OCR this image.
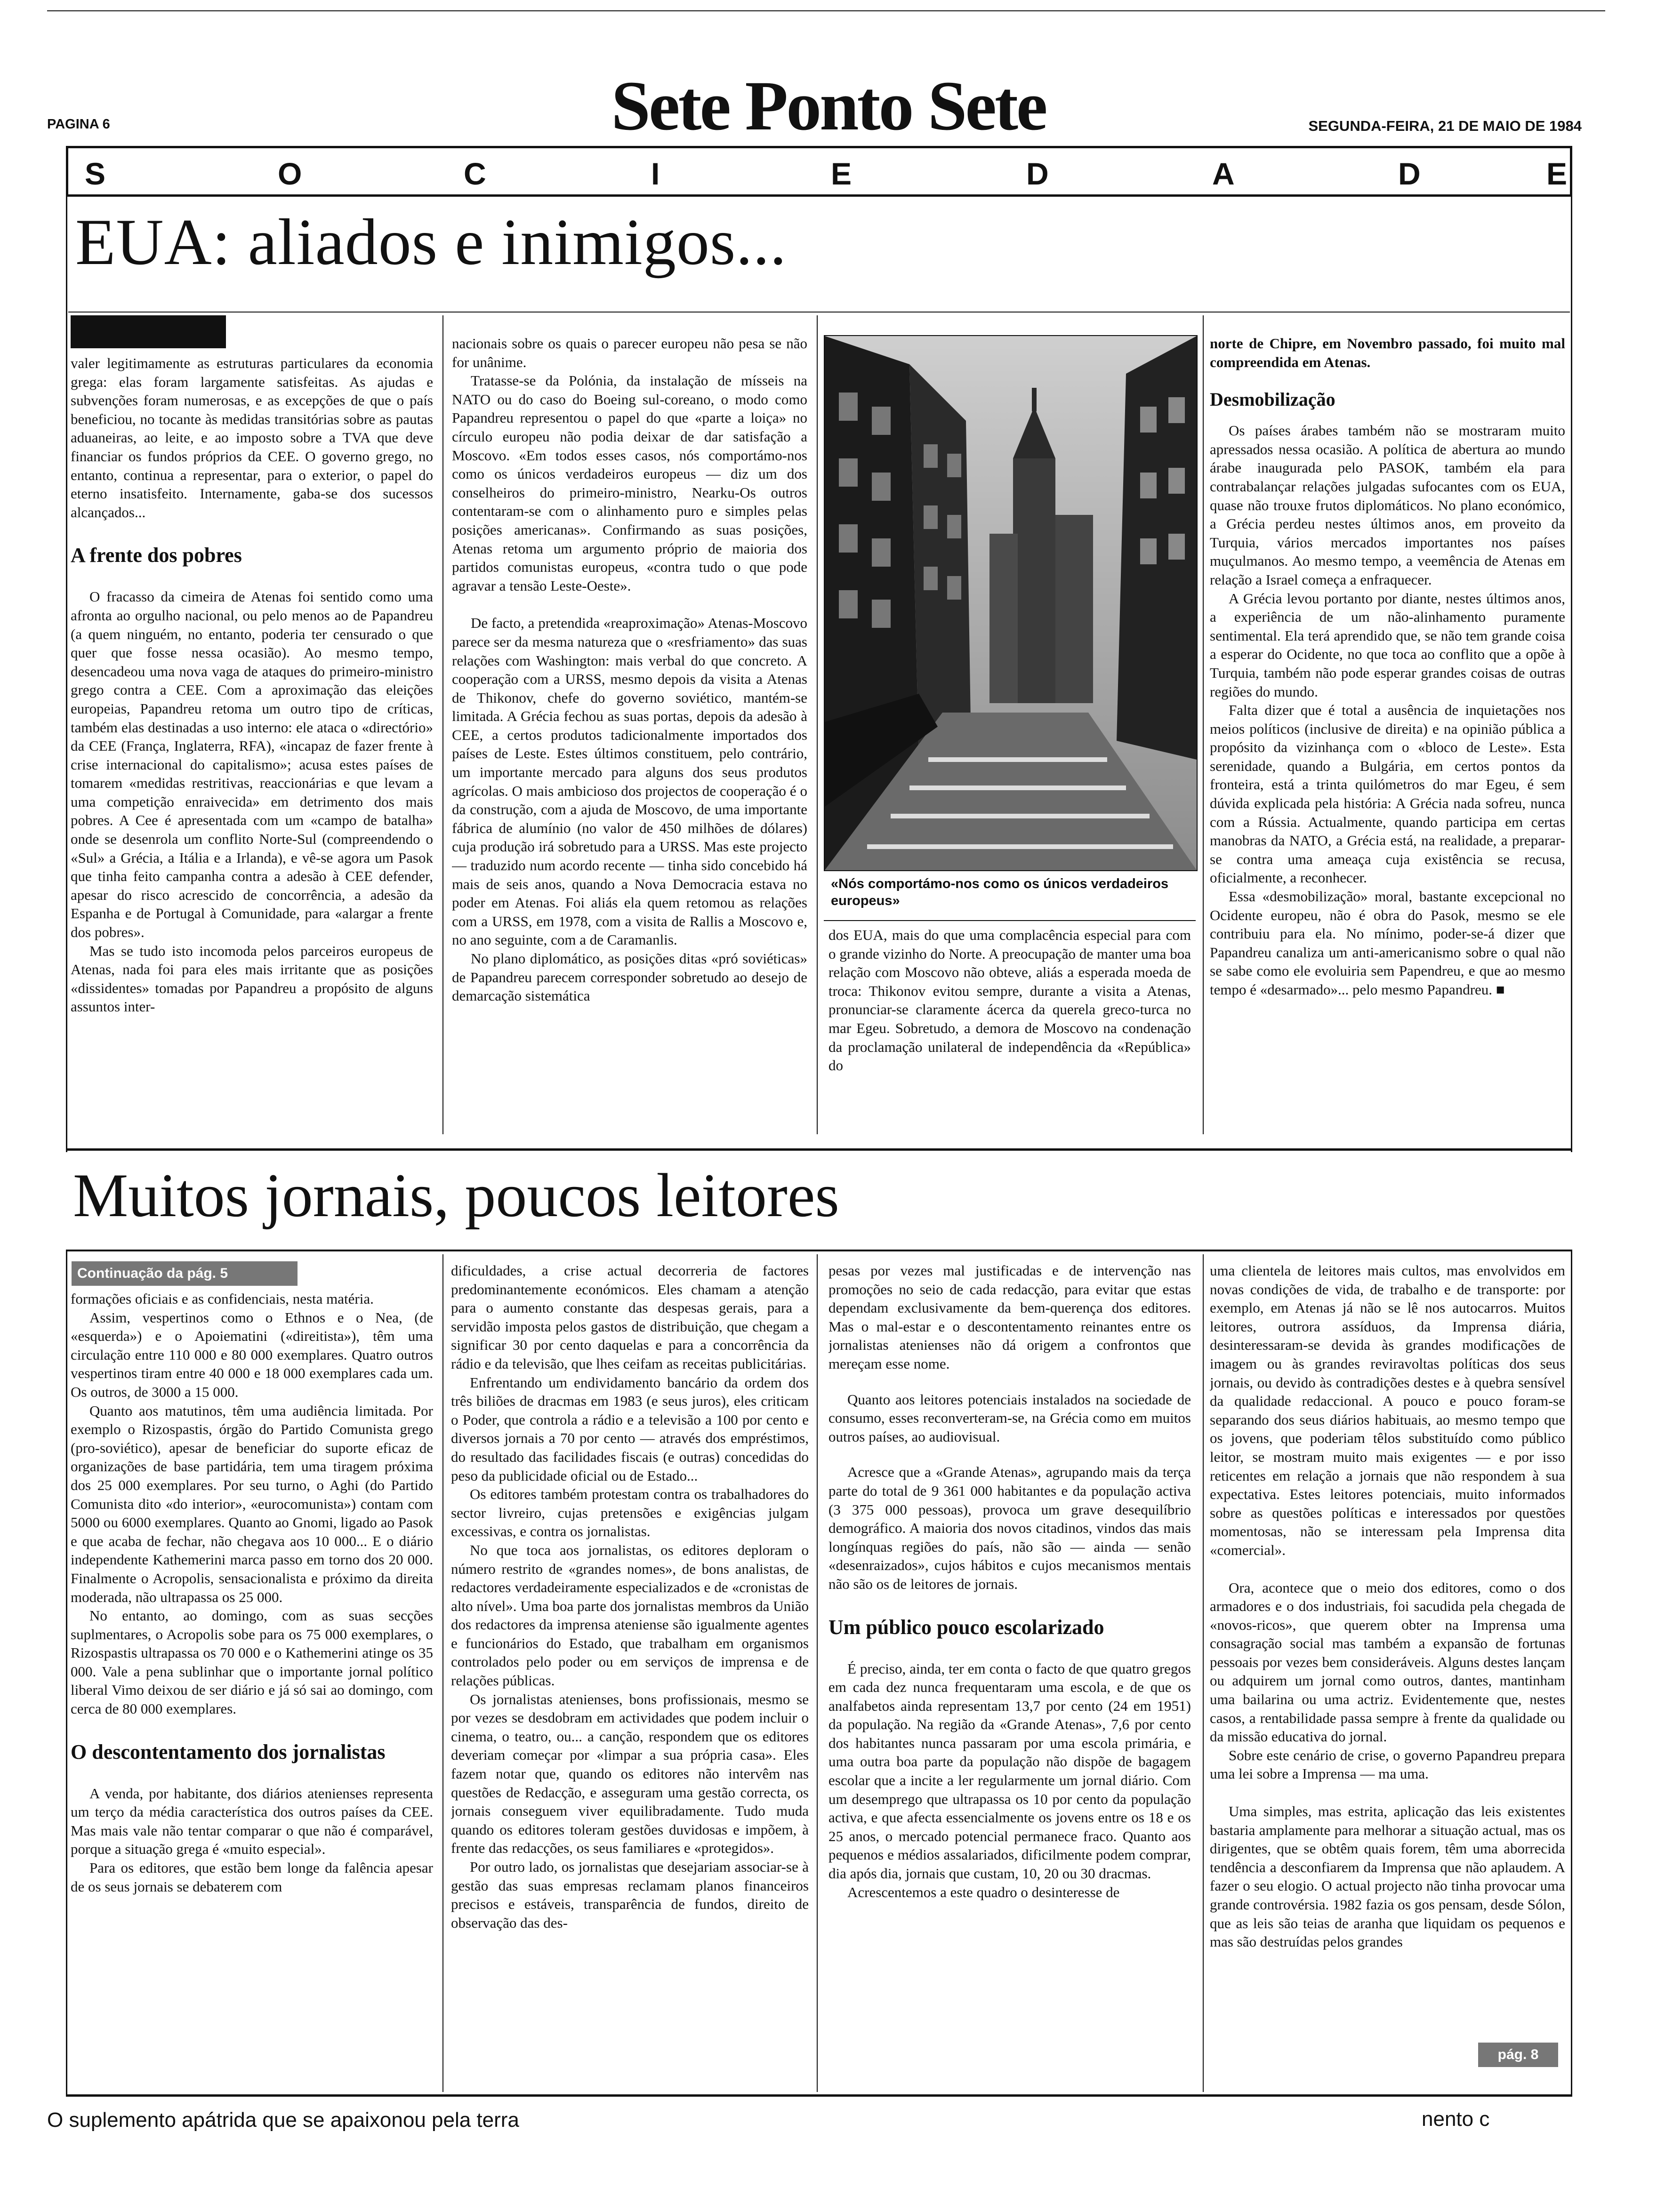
PAGINA 6	Sete Ponto Sete	SEGUNDA-FEIRA, 21 DE MAIO DE 1984
S	O	C	I	E	D	A	D	E
EUA: aliados e inimigos...

valer legitimamente as estruturas particulares da economia grega: elas foram largamente satisfeitas. As ajudas e subvenções foram numerosas, e as excepções de que o país beneficiou, no tocante às medidas transitórias sobre as pautas aduaneiras, ao leite, e ao imposto sobre a TVA que deve financiar os fundos próprios da CEE. O governo grego, no entanto, continua a representar, para o exterior, o papel do eterno insatisfeito. Internamente, gaba-se dos sucessos alcançados...

A frente dos pobres

O fracasso da cimeira de Atenas foi sentido como uma afronta ao orgulho nacional, ou pelo menos ao de Papandreu (a quem ninguém, no entanto, poderia ter censurado o que quer que fosse nessa ocasião). Ao mesmo tempo, desencadeou uma nova vaga de ataques do primeiro-ministro grego contra a CEE. Com a aproximação das eleições europeias, Papandreu retoma um outro tipo de críticas, também elas destinadas a uso interno: ele ataca o «directório» da CEE (França, Inglaterra, RFA), «incapaz de fazer frente à crise internacional do capitalismo»; acusa estes países de tomarem «medidas restritivas, reaccionárias e que levam a uma competição enraivecida» em detrimento dos mais pobres. A Cee é apresentada com um «campo de batalha» onde se desenrola um conflito Norte-Sul (compreendendo o «Sul» a Grécia, a Itália e a Irlanda), e vê-se agora um Pasok que tinha feito campanha contra a adesão à CEE defender, apesar do risco acrescido de concorrência, a adesão da Espanha e de Portugal à Comunidade, para «alargar a frente dos pobres».

Mas se tudo isto incomoda pelos parceiros europeus de Atenas, nada foi para eles mais irritante que as posições «dissidentes» tomadas por Papandreu a propósito de alguns assuntos inter-

nacionais sobre os quais o parecer europeu não pesa se não for unânime.

Tratasse-se da Polónia, da instalação de mísseis na NATO ou do caso do Boeing sul-coreano, o modo como Papandreu representou o papel do que «parte a loiça» no círculo europeu não podia deixar de dar satisfação a Moscovo. «Em todos esses casos, nós comportámo-nos como os únicos verdadeiros europeus — diz um dos conselheiros do primeiro-ministro, Nearku-Os outros contentaram-se com o alinhamento puro e simples pelas posições americanas». Confirmando as suas posições, Atenas retoma um argumento próprio de maioria dos partidos comunistas europeus, «contra tudo o que pode agravar a tensão Leste-Oeste».

De facto, a pretendida «reaproximação» Atenas-Moscovo parece ser da mesma natureza que o «resfriamento» das suas relações com Washington: mais verbal do que concreto. A cooperação com a URSS, mesmo depois da visita a Atenas de Thikonov, chefe do governo soviético, mantém-se limitada. A Grécia fechou as suas portas, depois da adesão à CEE, a certos produtos tadicionalmente importados dos países de Leste. Estes últimos constituem, pelo contrário, um importante mercado para alguns dos seus produtos agrícolas. O mais ambicioso dos projectos de cooperação é o da construção, com a ajuda de Moscovo, de uma importante fábrica de alumínio (no valor de 450 milhões de dólares) cuja produção irá sobretudo para a URSS. Mas este projecto — traduzido num acordo recente — tinha sido concebido há mais de seis anos, quando a Nova Democracia estava no poder em Atenas. Foi aliás ela quem retomou as relações com a URSS, em 1978, com a visita de Rallis a Moscovo e, no ano seguinte, com a de Caramanlis.

No plano diplomático, as posições ditas «pró soviéticas» de Papandreu parecem corresponder sobretudo ao desejo de demarcação sistemática

«Nós comportámo-nos como os únicos verdadeiros europeus»

dos EUA, mais do que uma complacência especial para com o grande vizinho do Norte. A preocupação de manter uma boa relação com Moscovo não obteve, aliás a esperada moeda de troca: Thikonov evitou sempre, durante a visita a Atenas, pronunciar-se claramente ácerca da querela greco-turca no mar Egeu. Sobretudo, a demora de Moscovo na condenação da proclamação unilateral de independência da «República» do

norte de Chipre, em Novembro passado, foi muito mal compreendida em Atenas.

Desmobilização

Os países árabes também não se mostraram muito apressados nessa ocasião. A política de abertura ao mundo árabe inaugurada pelo PASOK, também ela para contrabalançar relações julgadas sufocantes com os EUA, quase não trouxe frutos diplomáticos. No plano económico, a Grécia perdeu nestes últimos anos, em proveito da Turquia, vários mercados importantes nos países muçulmanos. Ao mesmo tempo, a veemência de Atenas em relação a Israel começa a enfraquecer.

A Grécia levou portanto por diante, nestes últimos anos, a experiência de um não-alinhamento puramente sentimental. Ela terá aprendido que, se não tem grande coisa a esperar do Ocidente, no que toca ao conflito que a opõe à Turquia, também não pode esperar grandes coisas de outras regiões do mundo.

Falta dizer que é total a ausência de inquietações nos meios políticos (inclusive de direita) e na opinião pública a propósito da vizinhança com o «bloco de Leste». Esta serenidade, quando a Bulgária, em certos pontos da fronteira, está a trinta quilómetros do mar Egeu, é sem dúvida explicada pela história: A Grécia nada sofreu, nunca com a Rússia. Actualmente, quando participa em certas manobras da NATO, a Grécia está, na realidade, a preparar-se contra uma ameaça cuja existência se recusa, oficialmente, a reconhecer.

Essa «desmobilização» moral, bastante excepcional no Ocidente europeu, não é obra do Pasok, mesmo se ele contribuiu para ela. No mínimo, poder-se-á dizer que Papandreu canaliza um anti-americanismo sobre o qual não se sabe como ele evoluiria sem Papendreu, e que ao mesmo tempo é «desarmado»... pelo mesmo Papandreu. ■

Muitos jornais, poucos leitores
Continuação da pág. 5

formações oficiais e as confidenciais, nesta matéria.

Assim, vespertinos como o Ethnos e o Nea, (de «esquerda») e o Apoiematini («direitista»), têm uma circulação entre 110 000 e 80 000 exemplares. Quatro outros vespertinos tiram entre 40 000 e 18 000 exemplares cada um. Os outros, de 3000 a 15 000.

Quanto aos matutinos, têm uma audiência limitada. Por exemplo o Rizospastis, órgão do Partido Comunista grego (pro-soviético), apesar de beneficiar do suporte eficaz de organizações de base partidária, tem uma tiragem próxima dos 25 000 exemplares. Por seu turno, o Aghi (do Partido Comunista dito «do interior», «eurocomunista») contam com 5000 ou 6000 exemplares. Quanto ao Gnomi, ligado ao Pasok e que acaba de fechar, não chegava aos 10 000... E o diário independente Kathemerini marca passo em torno dos 20 000. Finalmente o Acropolis, sensacionalista e próximo da direita moderada, não ultrapassa os 25 000.

No entanto, ao domingo, com as suas secções suplmentares, o Acropolis sobe para os 75 000 exemplares, o Rizospastis ultrapassa os 70 000 e o Kathemerini atinge os 35 000. Vale a pena sublinhar que o importante jornal político liberal Vimo deixou de ser diário e já só sai ao domingo, com cerca de 80 000 exemplares.

O descontentamento dos jornalistas

A venda, por habitante, dos diários atenienses representa um terço da média característica dos outros países da CEE. Mas mais vale não tentar comparar o que não é comparável, porque a situação grega é «muito especial».

Para os editores, que estão bem longe da falência apesar de os seus jornais se debaterem com

dificuldades, a crise actual decorreria de factores predominantemente económicos. Eles chamam a atenção para o aumento constante das despesas gerais, para a servidão imposta pelos gastos de distribuição, que chegam a significar 30 por cento daquelas e para a concorrência da rádio e da televisão, que lhes ceifam as receitas publicitárias.

Enfrentando um endividamento bancário da ordem dos três biliões de dracmas em 1983 (e seus juros), eles criticam o Poder, que controla a rádio e a televisão a 100 por cento e diversos jornais a 70 por cento — através dos empréstimos, do resultado das facilidades fiscais (e outras) concedidas do peso da publicidade oficial ou de Estado...

Os editores também protestam contra os trabalhadores do sector livreiro, cujas pretensões e exigências julgam excessivas, e contra os jornalistas.

No que toca aos jornalistas, os editores deploram o número restrito de «grandes nomes», de bons analistas, de redactores verdadeiramente especializados e de «cronistas de alto nível». Uma boa parte dos jornalistas membros da União dos redactores da imprensa ateniense são igualmente agentes e funcionários do Estado, que trabalham em organismos controlados pelo poder ou em serviços de imprensa e de relações públicas.

Os jornalistas atenienses, bons profissionais, mesmo se por vezes se desdobram em actividades que podem incluir o cinema, o teatro, ou... a canção, respondem que os editores deveriam começar por «limpar a sua própria casa». Eles fazem notar que, quando os editores não intervêm nas questões de Redacção, e asseguram uma gestão correcta, os jornais conseguem viver equilibradamente. Tudo muda quando os editores toleram gestões duvidosas e impõem, à frente das redacções, os seus familiares e «protegidos».

Por outro lado, os jornalistas que desejariam associar-se à gestão das suas empresas reclamam planos financeiros precisos e estáveis, transparência de fundos, direito de observação das des-

pesas por vezes mal justificadas e de intervenção nas promoções no seio de cada redacção, para evitar que estas dependam exclusivamente da bem-querença dos editores. Mas o mal-estar e o descontentamento reinantes entre os jornalistas atenienses não dá origem a confrontos que mereçam esse nome.

Quanto aos leitores potenciais instalados na sociedade de consumo, esses reconverteram-se, na Grécia como em muitos outros países, ao audiovisual.

Acresce que a «Grande Atenas», agrupando mais da terça parte do total de 9 361 000 habitantes e da população activa (3 375 000 pessoas), provoca um grave desequilíbrio demográfico. A maioria dos novos citadinos, vindos das mais longínquas regiões do país, não são — ainda — senão «desenraizados», cujos hábitos e cujos mecanismos mentais não são os de leitores de jornais.

Um público pouco escolarizado

É preciso, ainda, ter em conta o facto de que quatro gregos em cada dez nunca frequentaram uma escola, e de que os analfabetos ainda representam 13,7 por cento (24 em 1951) da população. Na região da «Grande Atenas», 7,6 por cento dos habitantes nunca passaram por uma escola primária, e uma outra boa parte da população não dispõe de bagagem escolar que a incite a ler regularmente um jornal diário. Com um desemprego que ultrapassa os 10 por cento da população activa, e que afecta essencialmente os jovens entre os 18 e os 25 anos, o mercado potencial permanece fraco. Quanto aos pequenos e médios assalariados, dificilmente podem comprar, dia após dia, jornais que custam, 10, 20 ou 30 dracmas.

Acrescentemos a este quadro o desinteresse de

uma clientela de leitores mais cultos, mas envolvidos em novas condições de vida, de trabalho e de transporte: por exemplo, em Atenas já não se lê nos autocarros. Muitos leitores, outrora assíduos, da Imprensa diária, desinteressaram-se devida às grandes modificações de imagem ou às grandes reviravoltas políticas dos seus jornais, ou devido às contradições destes e à quebra sensível da qualidade redaccional. A pouco e pouco foram-se separando dos seus diários habituais, ao mesmo tempo que os jovens, que poderiam têlos substituído como público leitor, se mostram muito mais exigentes — e por isso reticentes em relação a jornais que não respondem à sua expectativa. Estes leitores potenciais, muito informados sobre as questões políticas e interessados por questões momentosas, não se interessam pela Imprensa dita «comercial».

Ora, acontece que o meio dos editores, como o dos armadores e o dos industriais, foi sacudida pela chegada de «novos-ricos», que querem obter na Imprensa uma consagração social mas também a expansão de fortunas pessoais por vezes bem consideráveis. Alguns destes lançam ou adquirem um jornal como outros, dantes, mantinham uma bailarina ou uma actriz. Evidentemente que, nestes casos, a rentabilidade passa sempre à frente da qualidade ou da missão educativa do jornal.

Sobre este cenário de crise, o governo Papandreu prepara uma lei sobre a Imprensa — ma uma.

Uma simples, mas estrita, aplicação das leis existentes bastaria amplamente para melhorar a situação actual, mas os dirigentes, que se obtêm quais forem, têm uma aborrecida tendência a desconfiarem da Imprensa que não aplaudem. A fazer o seu elogio. O actual projecto não tinha provocar uma grande controvérsia. 1982 fazia os gos pensam, desde Sólon, que as leis são teias de aranha que liquidam os pequenos e mas são destruídas pelos grandes

pág. 8
nento c
O suplemento apátrida que se apaixonou pela terra
